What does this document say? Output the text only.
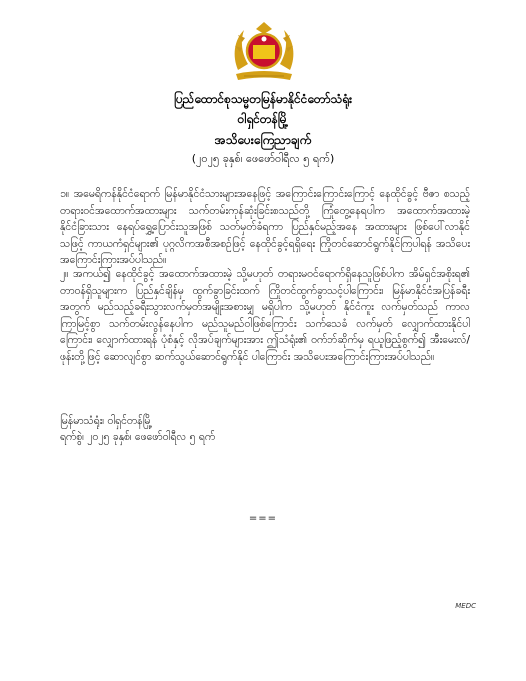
ပြည်ထောင်စုသမ္မတမြန်မာနိုင်ငံတော်သံရုံး
ဝါရှင်တန်မြို့
အသိပေးကြေညာချက်
(၂၀၂၅ ခုနှစ်၊ ဖေဖော်ဝါရီလ ၅ ရက်)

၁။ အမေရိကန်နိုင်ငံရောက် မြန်မာနိုင်ငံသားများအနေဖြင့် အကြောင်းကြောင်းကြောင့် နေထိုင်ခွင့် ဗီဇာ စသည့် တရားဝင်အထောက်အထားများ သက်တမ်းကုန်ဆုံးခြင်းစသည်တို့ ကြုံတွေ့နေရပါက အထောက်အထားမဲ့ နိုင်ငံခြားသား နေရပ်ရွှေ့ပြောင်းသူအဖြစ် သတ်မှတ်ခံရကာ ပြည်နှင်မည့်အနေ အထားများ ဖြစ်ပေါ်လာနိုင်သဖြင့် ကာယကံရှင်များ၏ ပုဂ္ဂလိကအစီအစဉ်ဖြင့် နေထိုင်ခွင့်ရရှိရေး ကြိုတင်ဆောင်ရွက်နိုင်ကြပါရန် အသိပေးအကြောင်းကြားအပ်ပါသည်။

၂။ အကယ်၍ နေထိုင်ခွင့် အထောက်အထားမဲ့ သို့မဟုတ် တရားမဝင်ရောက်ရှိနေသူဖြစ်ပါက အိမ်ရှင်အစိုးရ၏ တာဝန်ရှိသူများက ပြည်နှင်ချိန်မှ ထွက်ခွာခြင်းထက် ကြိုတင်ထွက်ခွာသင့်ပါကြောင်း၊ မြန်မာနိုင်ငံအပြန်ခရီးအတွက် မည်သည့်ခရီးသွားလက်မှတ်အမျိုးအစားမျှ မရှိပါက သို့မဟုတ် နိုင်ငံကူး လက်မှတ်သည် ကာလကြာမြင့်စွာ သက်တမ်းလွန်နေပါက မည်သူမည်ဝါဖြစ်ကြောင်း သက်သေခံ လက်မှတ် လျှောက်ထားနိုင်ပါကြောင်း၊ လျှောက်ထားရန် ပုံစံနှင့် လိုအပ်ချက်များအား ဤသံရုံး၏ ဝက်ဘ်ဆိုက်မှ ရယူဖြည့်စွက်၍ အီးမေးလ်/ဖုန်းတို့ဖြင့် ဆောလျင်စွာ ဆက်သွယ်ဆောင်ရွက်နိုင် ပါကြောင်း အသိပေးအကြောင်းကြားအပ်ပါသည်။

မြန်မာသံရုံး၊ ဝါရှင်တန်မြို့
ရက်စွဲ၊ ၂၀၂၅ ခုနှစ်၊ ဖေဖော်ဝါရီလ ၅ ရက်
===
MEDC
